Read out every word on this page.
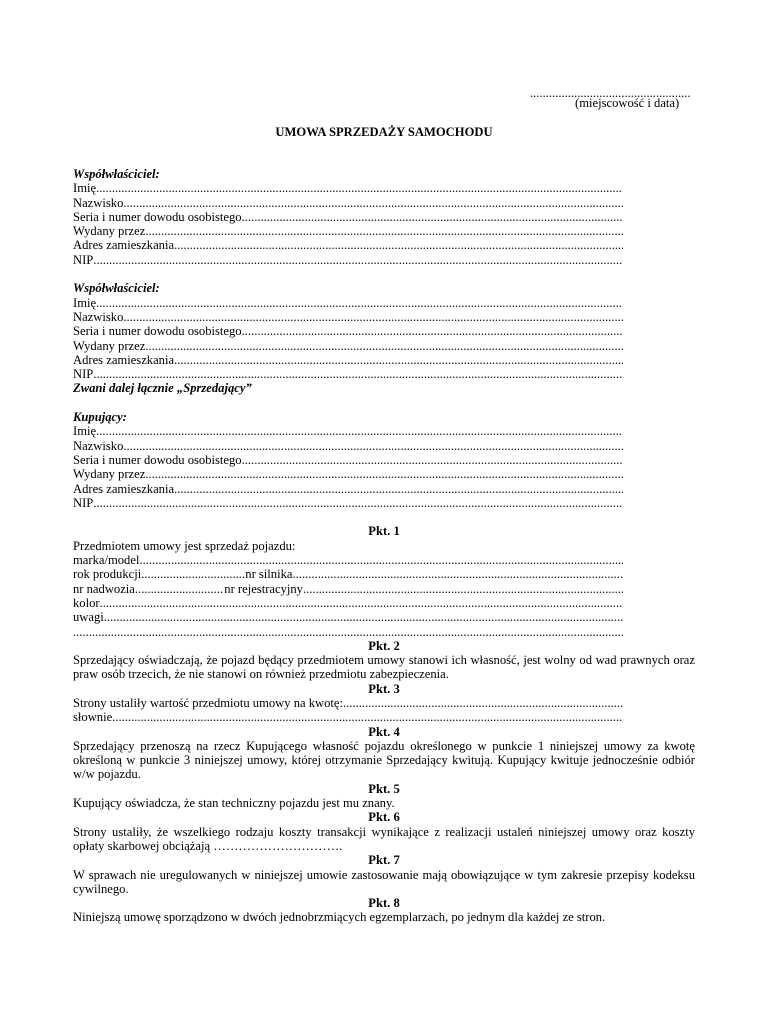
...................................................
(miejscowość i data)
UMOWA SPRZEDAŻY SAMOCHODU
Współwłaściciel:
Imię
.....
Nazwisko
.....
Seria i numer dowodu osobistego
.....
Wydany przez
.....
Adres zamieszkania
.....
NIP
.....
Współwłaściciel:
Imię
.....
Nazwisko
.....
Seria i numer dowodu osobistego
.....
Wydany przez
.....
Adres zamieszkania
.....
NIP
.....
Zwani dalej łącznie „Sprzedający”
Kupujący:
Imię
.....
Nazwisko
.....
Seria i numer dowodu osobistego
.....
Wydany przez
.....
Adres zamieszkania
.....
NIP
.....
Pkt. 1
Przedmiotem umowy jest sprzedaż pojazdu:
marka/model
.....
rok produkcji .....	nr silnika
.....
nr nadwozia .....	nr rejestracyjny
.....
kolor
.....
uwagi
.....
.....
Pkt. 2
Sprzedający oświadczają, że pojazd będący przedmiotem umowy stanowi ich własność, jest wolny od wad prawnych oraz praw osób trzecich, że nie stanowi on również przedmiotu zabezpieczenia.
Pkt. 3
Strony ustaliły wartość przedmiotu umowy na kwotę:
.....
słownie
.....
Pkt. 4
Sprzedający przenoszą na rzecz Kupującego własność pojazdu określonego w punkcie 1 niniejszej umowy za kwotę określoną w punkcie 3 niniejszej umowy, której otrzymanie Sprzedający kwitują. Kupujący kwituje jednocześnie odbiór w/w pojazdu.
Pkt. 5
Kupujący oświadcza, że stan techniczny pojazdu jest mu znany.
Pkt. 6
Strony ustaliły, że wszelkiego rodzaju koszty transakcji wynikające z realizacji ustaleń niniejszej umowy oraz koszty opłaty skarbowej obciążają ………………………….
Pkt. 7
W sprawach nie uregulowanych w niniejszej umowie zastosowanie mają obowiązujące w tym zakresie przepisy kodeksu cywilnego.
Pkt. 8
Niniejszą umowę sporządzono w dwóch jednobrzmiących egzemplarzach, po jednym dla każdej ze stron.
